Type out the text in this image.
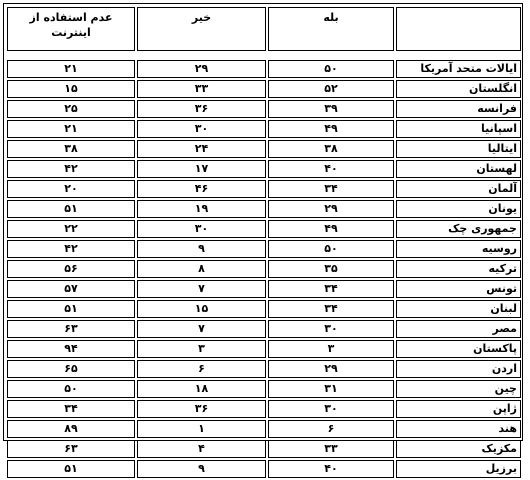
عدم استفاده از اینترنت	خیر	بله	

۲۱	۲۹	۵۰	ایالات متحد آمریکا
۱۵	۳۳	۵۲	انگلستان
۲۵	۳۶	۳۹	فرانسه
۲۱	۳۰	۴۹	اسپانیا
۳۸	۲۴	۳۸	ایتالیا
۴۲	۱۷	۴۰	لهستان
۲۰	۴۶	۳۴	آلمان
۵۱	۱۹	۲۹	یونان
۲۲	۳۰	۴۹	جمهوری چک
۴۲	۹	۵۰	روسیه
۵۶	۸	۳۵	ترکیه
۵۷	۷	۳۴	تونس
۵۱	۱۵	۳۴	لبنان
۶۳	۷	۳۰	مصر
۹۴	۳	۳	پاکستان
۶۵	۶	۲۹	اردن
۵۰	۱۸	۳۱	چین
۳۴	۳۶	۳۰	ژاپن
۸۹	۱	۶	هند
۶۳	۴	۳۳	مکزیک
۵۱	۹	۴۰	برزیل
